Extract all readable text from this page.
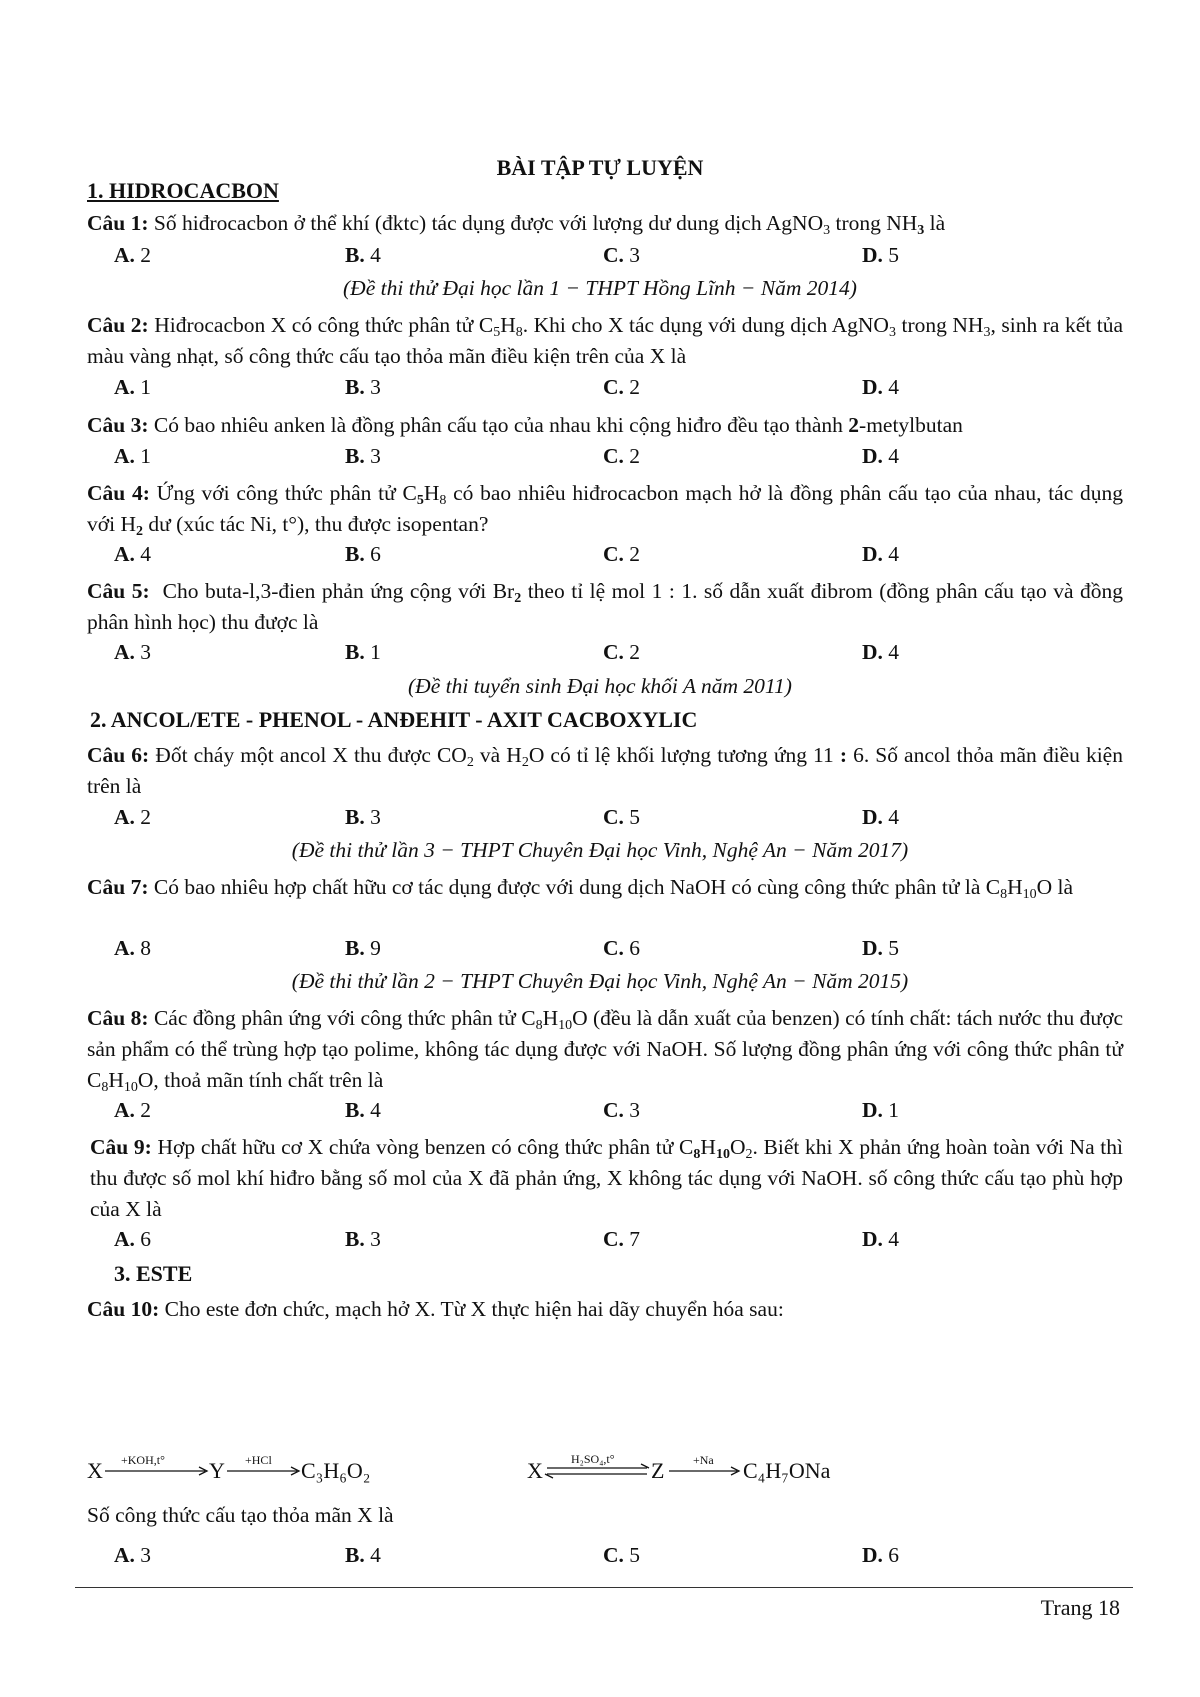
BÀI TẬP TỰ LUYỆN
1. HIDROCACBON
Câu 1: Số hiđrocacbon ở thể khí (đktc) tác dụng được với lượng dư dung dịch AgNO$_3$ trong $NH_3$ là
A. 2	B. 4	C. 3	D. 5
(Đề thi thử Đại học lần 1 − THPT Hồng Lĩnh − Năm 2014)
Câu 2: Hiđrocacbon X có công thức phân tử $C_5H_8$. Khi cho X tác dụng với dung dịch AgNO$_3$ trong $NH_3$, sinh ra kết tủa màu vàng nhạt, số công thức cấu tạo thỏa mãn điều kiện trên của X là
A. 1	B. 3	C. 2	D. 4
Câu 3: Có bao nhiêu anken là đồng phân cấu tạo của nhau khi cộng hiđro đều tạo thành 2-metylbutan
A. 1	B. 3	C. 2	D. 4
Câu 4: Ứng với công thức phân tử $C_5H_8$ có bao nhiêu hiđrocacbon mạch hở là đồng phân cấu tạo của nhau, tác dụng với $H_2$ dư (xúc tác Ni, t°), thu được isopentan?
A. 4	B. 6	C. 2	D. 4
Câu 5:  Cho buta-l,3-đien phản ứng cộng với $Br_2$ theo tỉ lệ mol 1 : 1. số dẫn xuất đibrom (đồng phân cấu tạo và đồng phân hình học) thu được là
A. 3	B. 1	C. 2	D. 4
(Đề thi tuyển sinh Đại học khối A năm 2011)
2. ANCOL/ETE - PHENOL - ANĐEHIT - AXIT CACBOXYLIC
Câu 6: Đốt cháy một ancol X thu được $CO_2$ và $H_2O$ có tỉ lệ khối lượng tương ứng 11 : 6. Số ancol thỏa mãn điều kiện trên là
A. 2	B. 3	C. 5	D. 4
(Đề thi thử lần 3 − THPT Chuyên Đại học Vinh, Nghệ An − Năm 2017)
Câu 7: Có bao nhiêu hợp chất hữu cơ tác dụng được với dung dịch NaOH có cùng công thức phân tử là $C_8H_{10}O$ là
A. 8	B. 9	C. 6	D. 5
(Đề thi thử lần 2 − THPT Chuyên Đại học Vinh, Nghệ An − Năm 2015)
Câu 8: Các đồng phân ứng với công thức phân tử $C_8H_{10}O$ (đều là dẫn xuất của benzen) có tính chất: tách nước thu được sản phẩm có thể trùng hợp tạo polime, không tác dụng được với NaOH. Số lượng đồng phân ứng với công thức phân tử $C_8H_{10}O$, thoả mãn tính chất trên là
A. 2	B. 4	C. 3	D. 1
Câu 9: Hợp chất hữu cơ X chứa vòng benzen có công thức phân tử $C_8H_{10}O_2$. Biết khi X phản ứng hoàn toàn với Na thì thu được số mol khí hiđro bằng số mol của X đã phản ứng, X không tác dụng với NaOH. số công thức cấu tạo phù hợp của X là
A. 6	B. 3	C. 7	D. 4
3. ESTE
Câu 10: Cho este đơn chức, mạch hở X. Từ X thực hiện hai dãy chuyển hóa sau:
X +KOH,t° Y +HCl C₃H₆O₂	X H₂SO₄,t° Z +Na C₄H₇ONa
Số công thức cấu tạo thỏa mãn X là
A. 3	B. 4	C. 5	D. 6
Trang 18
